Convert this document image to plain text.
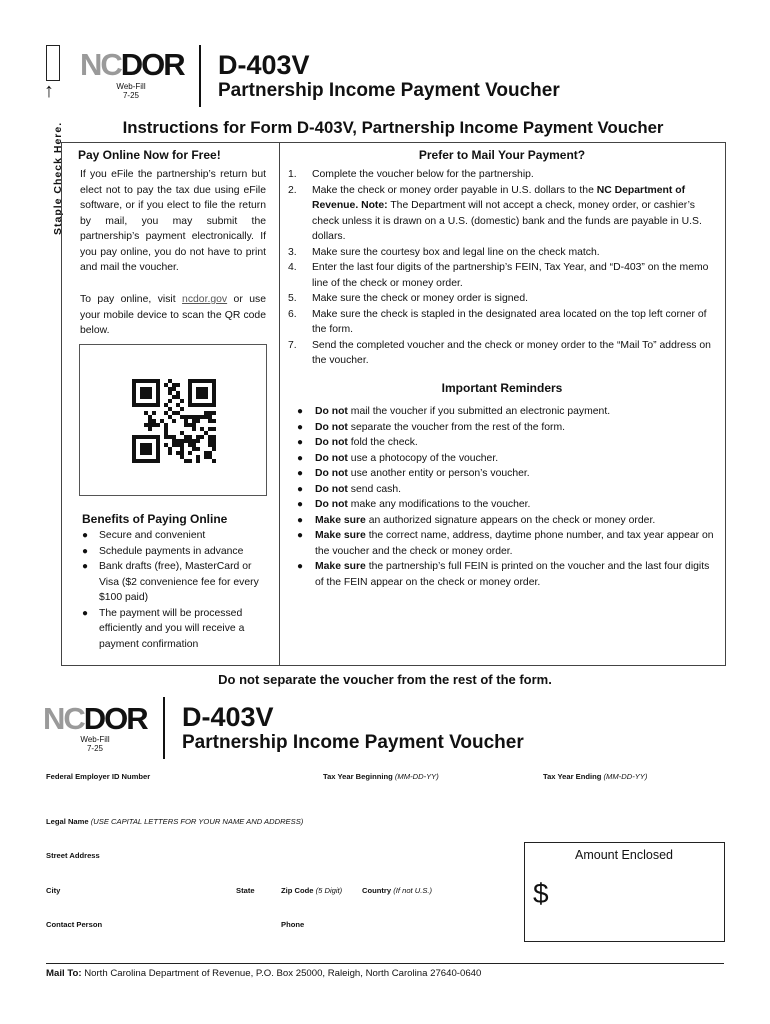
↑
Staple Check Here.
NCDOR
Web-Fill
7-25
D-403V
Partnership Income Payment Voucher
Instructions for Form D-403V, Partnership Income Payment Voucher
Pay Online Now for Free!
If you eFile the partnership’s return but elect not to pay the tax due using eFile software, or if you elect to file the return by mail, you may submit the partnership’s payment electronically. If you pay online, you do not have to print and mail the voucher.
To pay online, visit ncdor.gov or use your mobile device to scan the QR code below.
Benefits of Paying Online
● Secure and convenient
● Schedule payments in advance
● Bank drafts (free), MasterCard or Visa ($2 convenience fee for every $100 paid)
● The payment will be processed efficiently and you will receive a payment confirmation
Prefer to Mail Your Payment?
1. Complete the voucher below for the partnership.
2. Make the check or money order payable in U.S. dollars to the NC Department of Revenue. Note: The Department will not accept a check, money order, or cashier’s check unless it is drawn on a U.S. (domestic) bank and the funds are payable in U.S. dollars.
3. Make sure the courtesy box and legal line on the check match.
4. Enter the last four digits of the partnership’s FEIN, Tax Year, and “D-403” on the memo line of the check or money order.
5. Make sure the check or money order is signed.
6. Make sure the check is stapled in the designated area located on the top left corner of the form.
7. Send the completed voucher and the check or money order to the “Mail To” address on the voucher.
Important Reminders
● Do not mail the voucher if you submitted an electronic payment.
● Do not separate the voucher from the rest of the form.
● Do not fold the check.
● Do not use a photocopy of the voucher.
● Do not use another entity or person’s voucher.
● Do not send cash.
● Do not make any modifications to the voucher.
● Make sure an authorized signature appears on the check or money order.
● Make sure the correct name, address, daytime phone number, and tax year appear on the voucher and the check or money order.
● Make sure the partnership’s full FEIN is printed on the voucher and the last four digits of the FEIN appear on the check or money order.
Do not separate the voucher from the rest of the form.
NCDOR
Web-Fill
7-25
D-403V
Partnership Income Payment Voucher
Federal Employer ID Number	Tax Year Beginning (MM-DD-YY)	Tax Year Ending (MM-DD-YY)
Legal Name (USE CAPITAL LETTERS FOR YOUR NAME AND ADDRESS)
Street Address
City	State	Zip Code (5 Digit)	Country (If not U.S.)
Contact Person	Phone
Amount Enclosed
$
Mail To: North Carolina Department of Revenue, P.O. Box 25000, Raleigh, North Carolina 27640-0640
